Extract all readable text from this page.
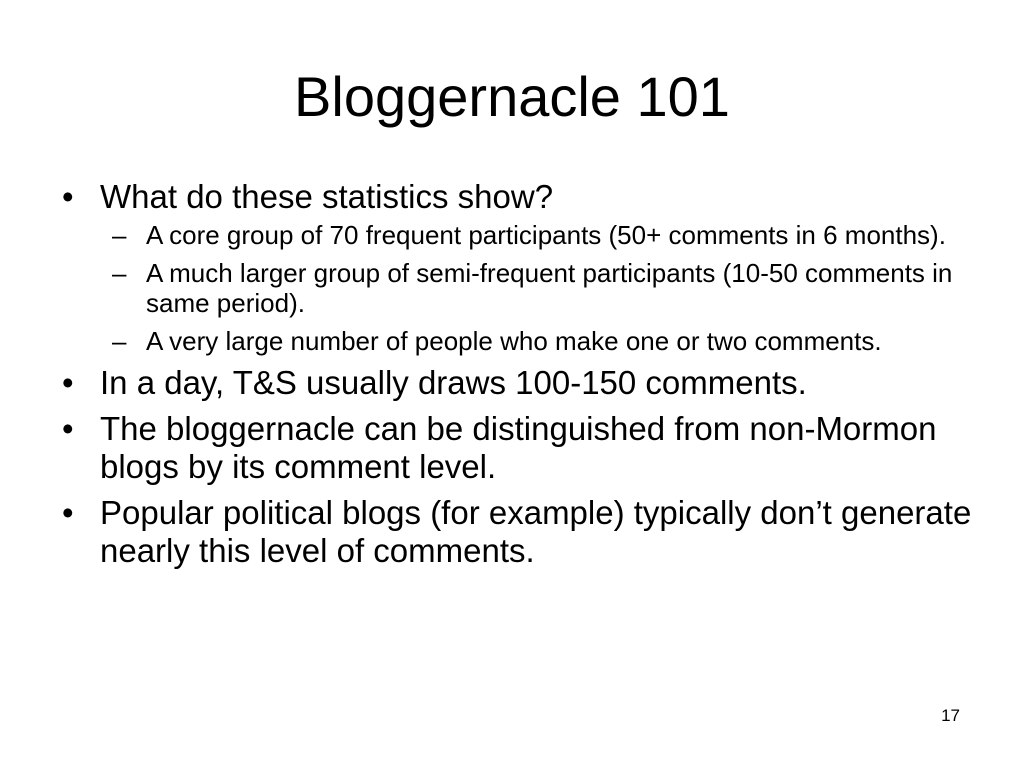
Bloggernacle 101
• What do these statistics show?
– A core group of 70 frequent participants (50+ comments in 6 months).
– A much larger group of semi-frequent participants (10-50 comments in same period).
– A very large number of people who make one or two comments.
• In a day, T&S usually draws 100-150 comments.
• The bloggernacle can be distinguished from non-Mormon blogs by its comment level.
• Popular political blogs (for example) typically don’t generate nearly this level of comments.
17
